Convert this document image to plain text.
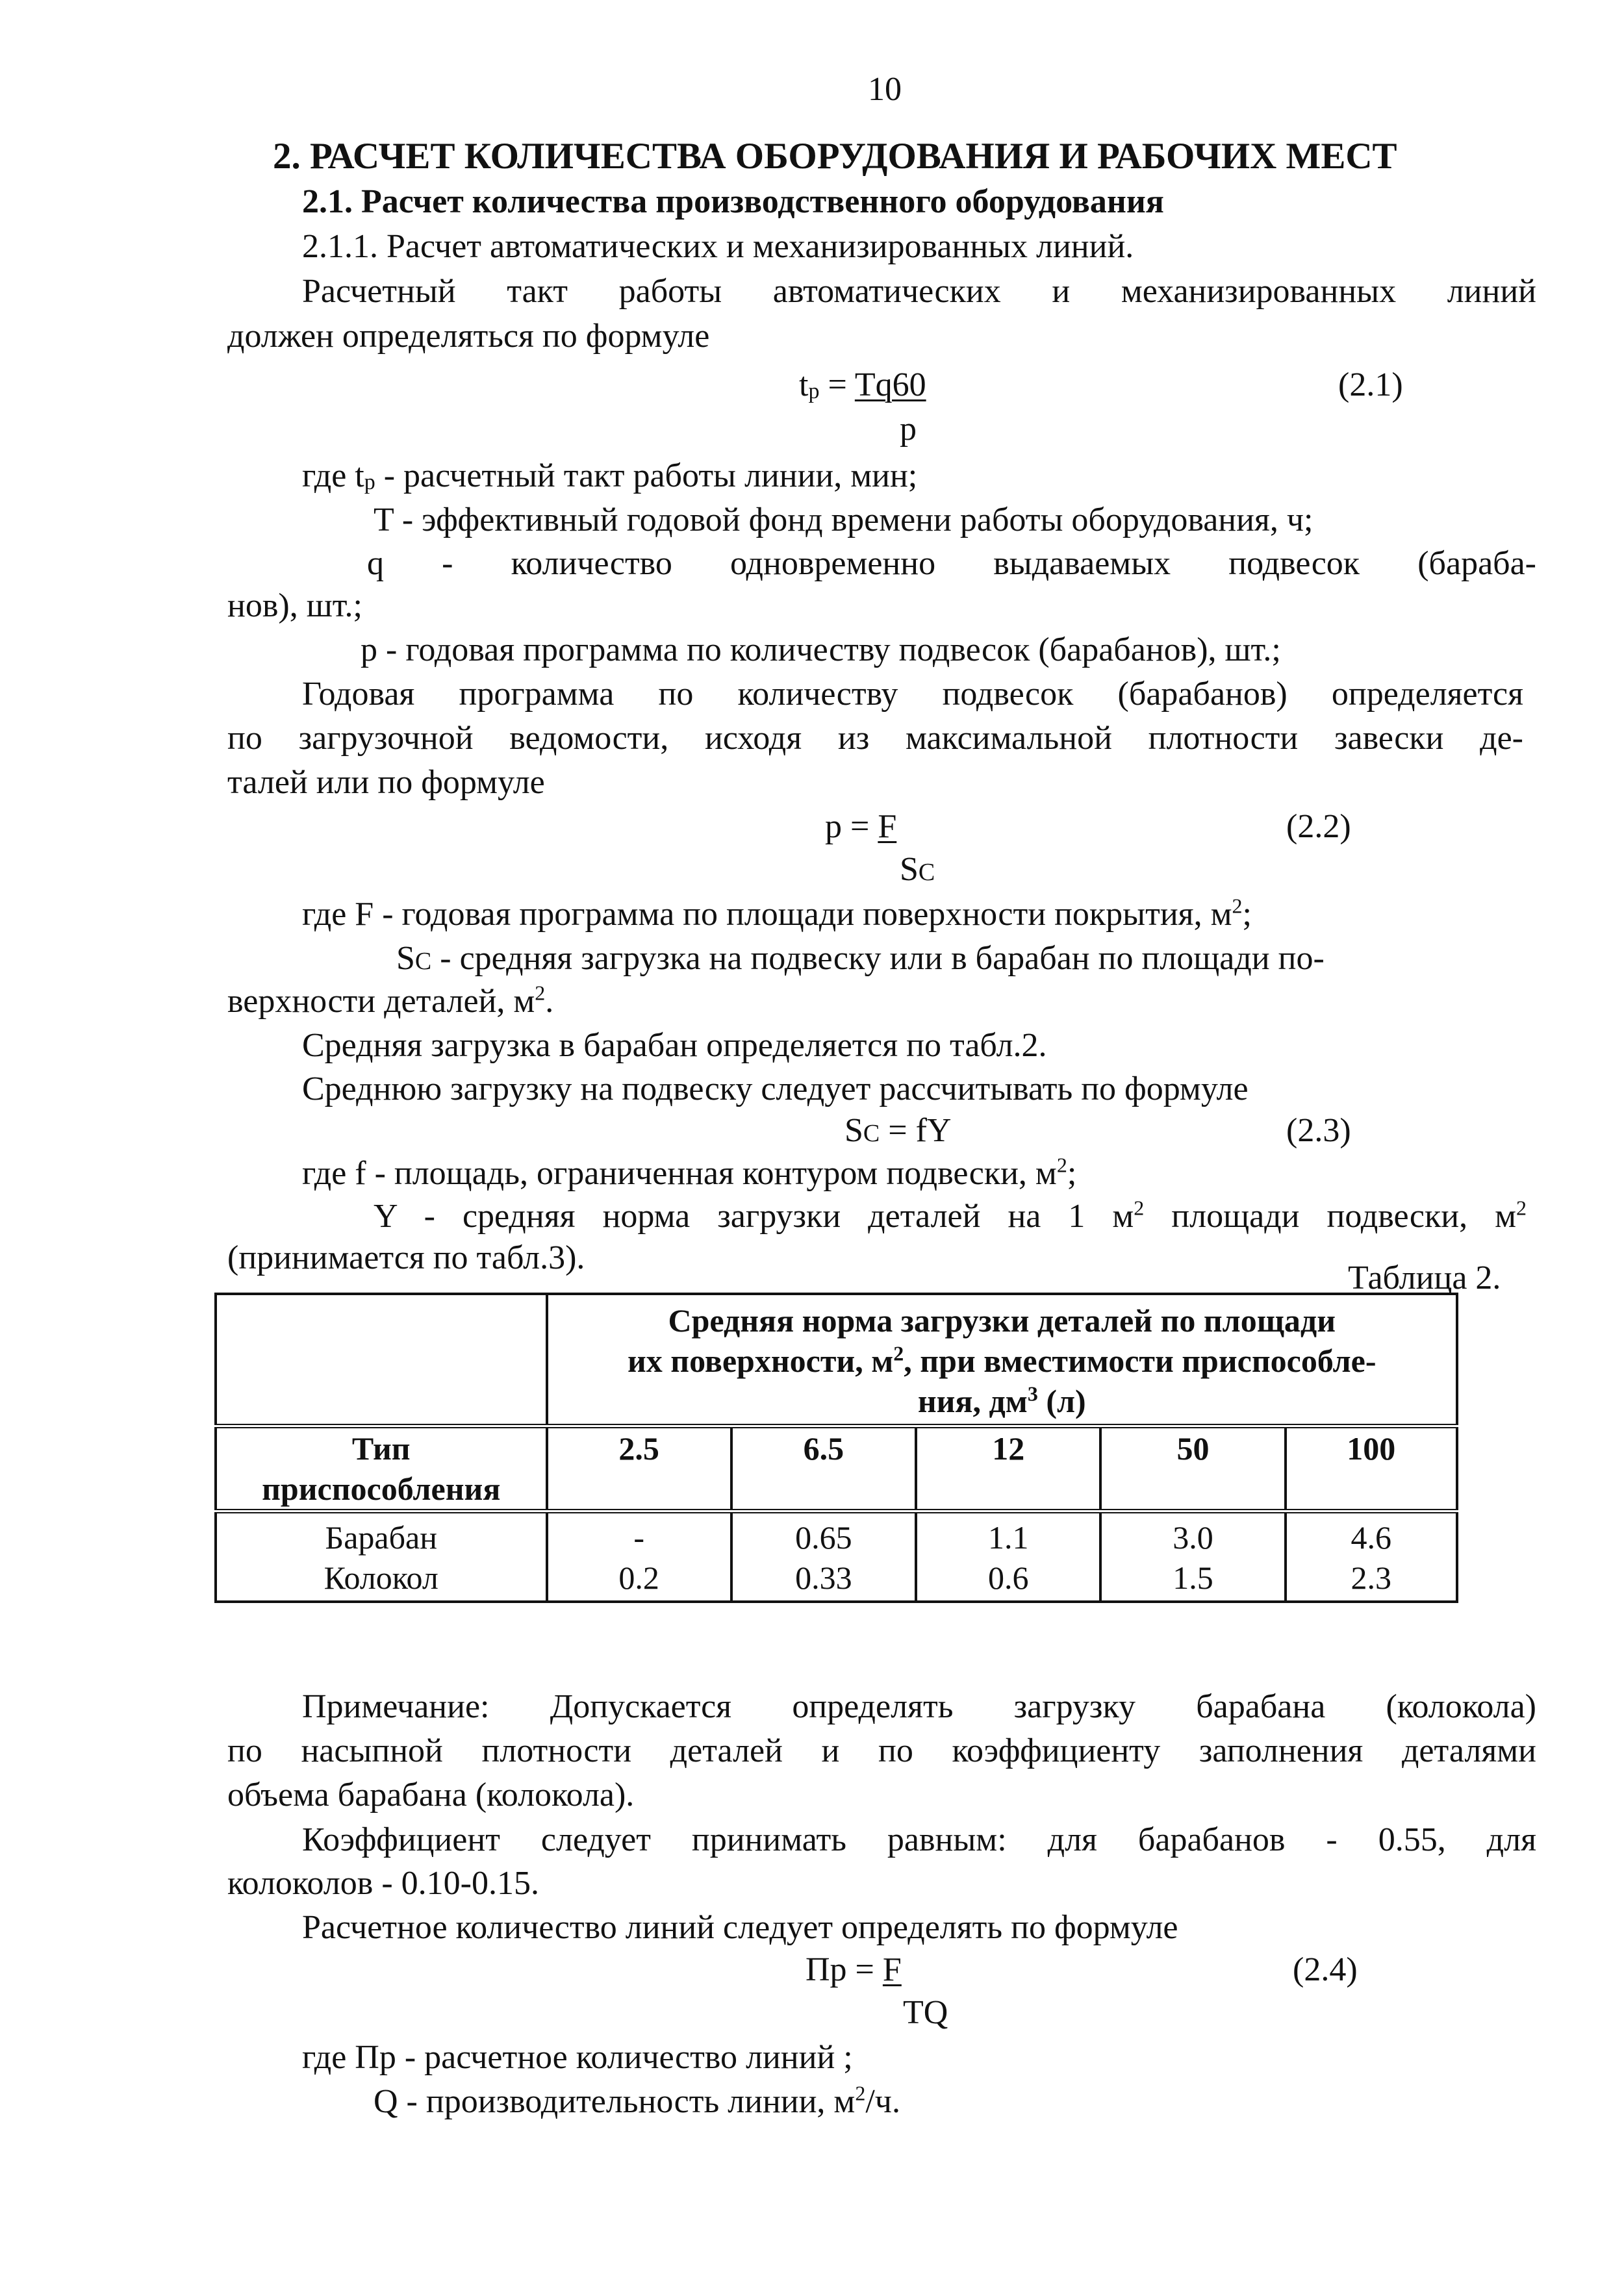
10
2. РАСЧЕТ КОЛИЧЕСТВА ОБОРУДОВАНИЯ И РАБОЧИХ МЕСТ
2.1. Расчет количества производственного оборудования
2.1.1. Расчет автоматических и механизированных линий.
Расчетный такт работы автоматических и механизированных линий
должен определяться по формуле
$t_p = Tq60$	(2.1)
p
где $t_p$ - расчетный такт работы линии, мин;
T - эффективный годовой фонд времени работы оборудования, ч;
q - количество одновременно выдаваемых подвесок (бараба-
нов), шт.;
p - годовая программа по количеству подвесок (барабанов), шт.;
Годовая программа по количеству подвесок (барабанов) определяется
по загрузочной ведомости, исходя из максимальной плотности завески де-
талей или по формуле
p = F	(2.2)
SC
где F - годовая программа по площади поверхности покрытия, $м^2$;
SC - средняя загрузка на подвеску или в барабан по площади по-
верхности деталей, $м^2$.
Средняя загрузка в барабан определяется по табл.2.
Среднюю загрузку на подвеску следует рассчитывать по формуле
SC = fY	(2.3)
где f - площадь, ограниченная контуром подвески, $м^2$;
Y - средняя норма загрузки деталей на 1 $м^2$ площади подвески, $м^2$
(принимается по табл.3).
Таблица 2.

	Средняя норма загрузки деталей по площади
их поверхности, $м^2$, при вместимости приспособле-
ния, $дм^3$ (л)				

Тип
приспособления	2.5	6.5	12	50	100
Барабан	-	0.65	1.1	3.0	4.6
Колокол	0.2	0.33	0.6	1.5	2.3
Примечание: Допускается определять загрузку барабана (колокола)
по насыпной плотности деталей и по коэффициенту заполнения деталями
объема барабана (колокола).
Коэффициент следует принимать равным: для барабанов - 0.55, для
колоколов - 0.10-0.15.
Расчетное количество линий следует определять по формуле
Пр = F	(2.4)
TQ
где Пр - расчетное количество линий ;
Q - производительность линии, $м^2/ч$.
